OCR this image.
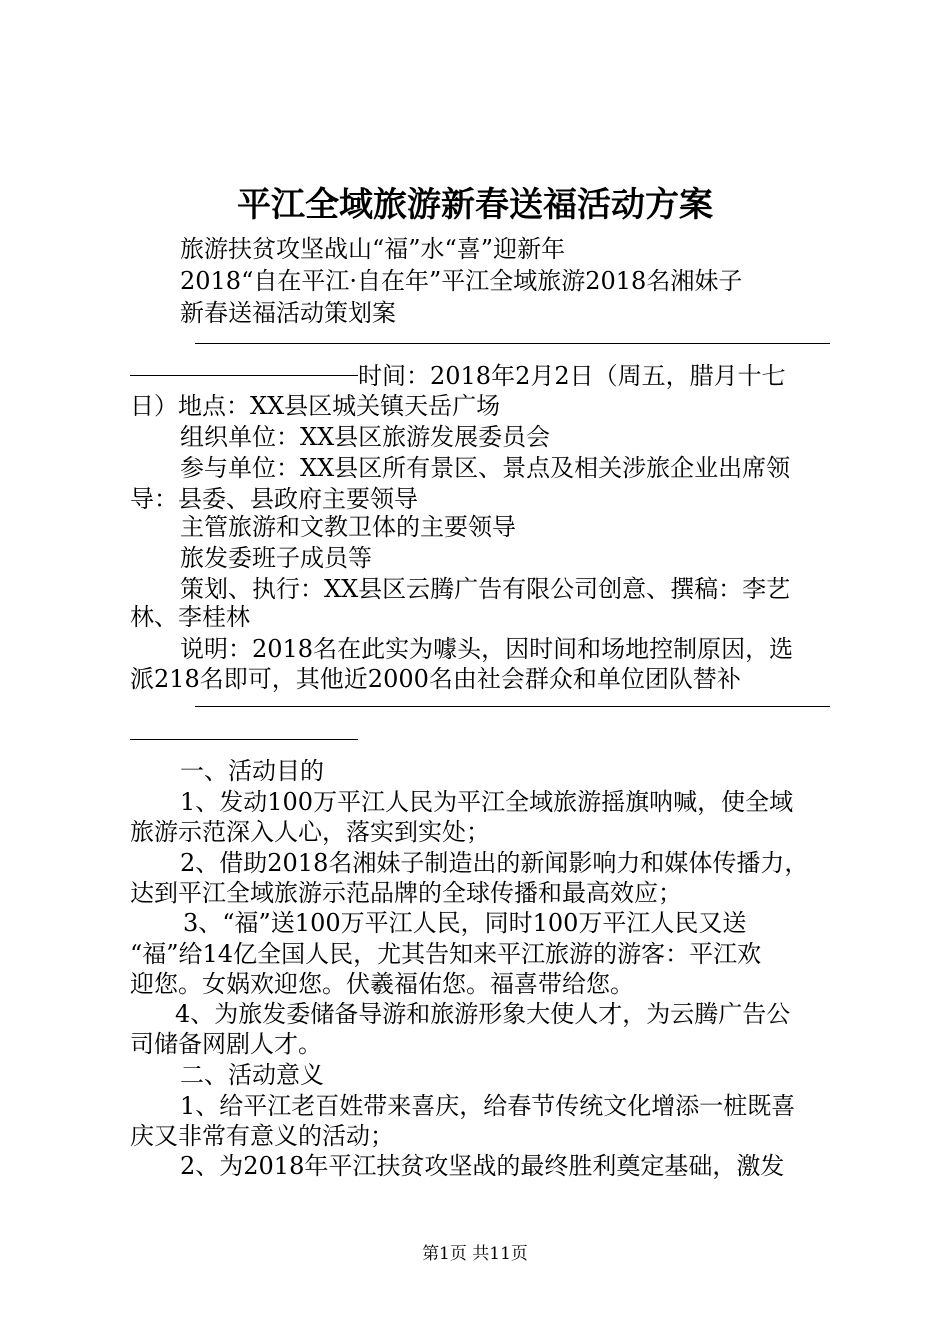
平江全域旅游新春送福活动方案
旅游扶贫攻坚战山“福”水“喜”迎新年
2018“自在平江·自在年”平江全域旅游2018名湘妹子
新春送福活动策划案
时间：2018年2月2日（周五，腊月十七
日）地点：XX县区城关镇天岳广场
组织单位：XX县区旅游发展委员会
参与单位：XX县区所有景区、景点及相关涉旅企业出席领
导：县委、县政府主要领导
主管旅游和文教卫体的主要领导
旅发委班子成员等
策划、执行：XX县区云腾广告有限公司创意、撰稿：李艺
林、李桂林
说明：2018名在此实为噱头，因时间和场地控制原因，选
派218名即可，其他近2000名由社会群众和单位团队替补
一、活动目的
1、发动100万平江人民为平江全域旅游摇旗呐喊，使全域
旅游示范深入人心，落实到实处；
2、借助2018名湘妹子制造出的新闻影响力和媒体传播力，
达到平江全域旅游示范品牌的全球传播和最高效应；
3、“福”送100万平江人民，同时100万平江人民又送
“福”给14亿全国人民，尤其告知来平江旅游的游客：平江欢
迎您。女娲欢迎您。伏羲福佑您。福喜带给您。
4、为旅发委储备导游和旅游形象大使人才，为云腾广告公
司储备网剧人才。
二、活动意义
1、给平江老百姓带来喜庆，给春节传统文化增添一桩既喜
庆又非常有意义的活动；
2、为2018年平江扶贫攻坚战的最终胜利奠定基础，激发
第1页 共11页
